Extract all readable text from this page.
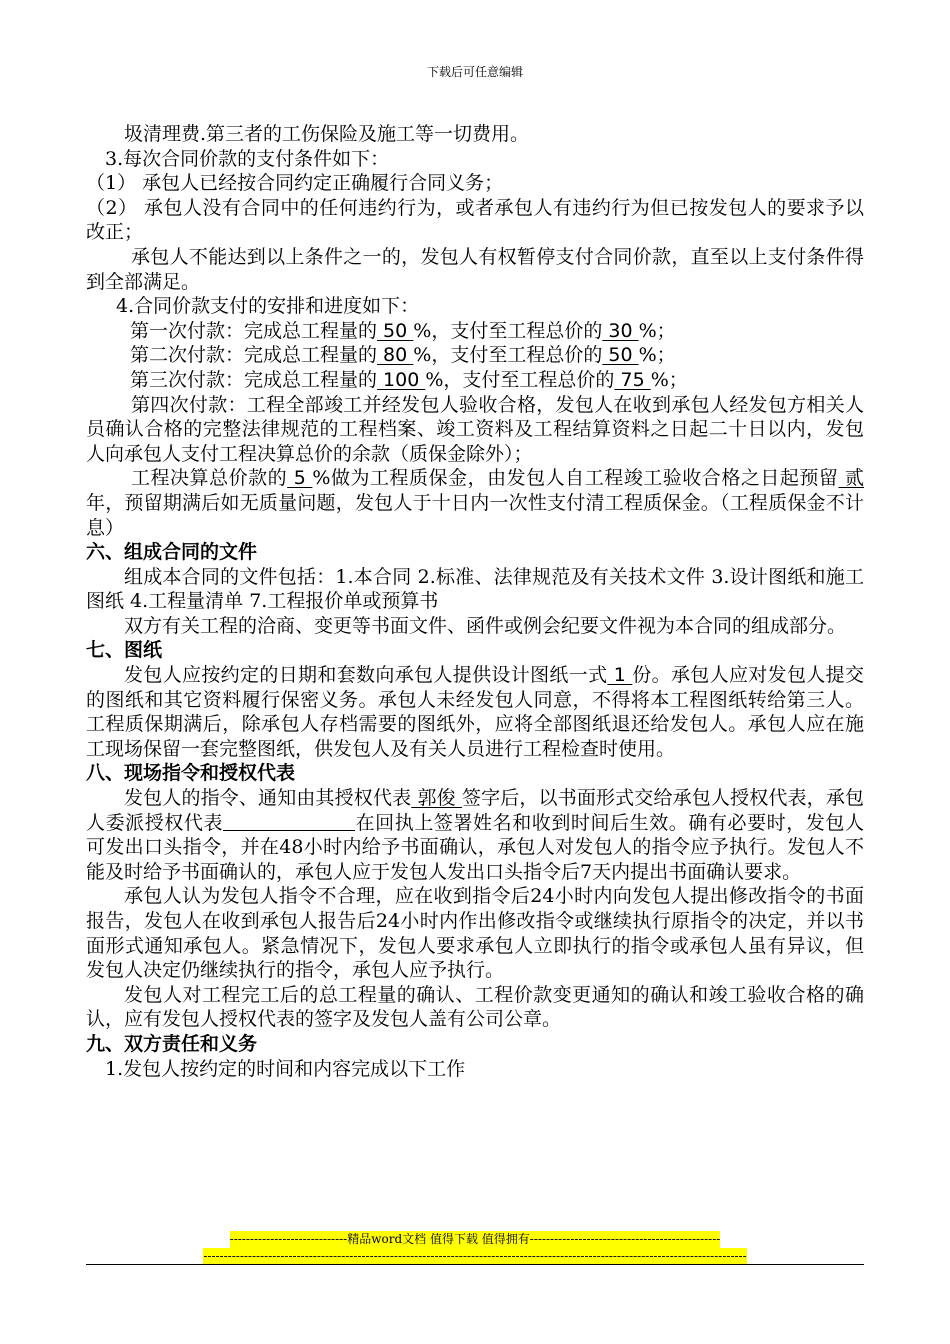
下载后可任意编辑

圾清理费.第三者的工伤保险及施工等一切费用。

3.每次合同价款的支付条件如下：

（1） 承包人已经按合同约定正确履行合同义务；

（2） 承包人没有合同中的任何违约行为，或者承包人有违约行为但已按发包人的要求予以改正；

承包人不能达到以上条件之一的，发包人有权暂停支付合同价款，直至以上支付条件得到全部满足。

4.合同价款支付的安排和进度如下：

第一次付款：完成总工程量的 50 %，支付至工程总价的 30 %；

第二次付款：完成总工程量的 80 %，支付至工程总价的 50 %；

第三次付款：完成总工程量的 100 %，支付至工程总价的 75 %；

第四次付款：工程全部竣工并经发包人验收合格，发包人在收到承包人经发包方相关人员确认合格的完整法律规范的工程档案、竣工资料及工程结算资料之日起二十日以内，发包人向承包人支付工程决算总价的余款（质保金除外）；

工程决算总价款的 5 %做为工程质保金，由发包人自工程竣工验收合格之日起预留 贰 年，预留期满后如无质量问题，发包人于十日内一次性支付清工程质保金。（工程质保金不计息）

六、组成合同的文件

组成本合同的文件包括：1.本合同 2.标准、法律规范及有关技术文件 3.设计图纸和施工图纸 4.工程量清单 7.工程报价单或预算书

双方有关工程的洽商、变更等书面文件、函件或例会纪要文件视为本合同的组成部分。

七、图纸

发包人应按约定的日期和套数向承包人提供设计图纸一式 1 份。承包人应对发包人提交的图纸和其它资料履行保密义务。承包人未经发包人同意，不得将本工程图纸转给第三人。工程质保期满后，除承包人存档需要的图纸外，应将全部图纸退还给发包人。承包人应在施工现场保留一套完整图纸，供发包人及有关人员进行工程检查时使用。

八、现场指令和授权代表

发包人的指令、通知由其授权代表 郭俊 签字后，以书面形式交给承包人授权代表，承包人委派授权代表	在回执上签署姓名和收到时间后生效。确有必要时，发包人可发出口头指令，并在48小时内给予书面确认，承包人对发包人的指令应予执行。发包人不能及时给予书面确认的，承包人应于发包人发出口头指令后7天内提出书面确认要求。

承包人认为发包人指令不合理，应在收到指令后24小时内向发包人提出修改指令的书面报告，发包人在收到承包人报告后24小时内作出修改指令或继续执行原指令的决定，并以书面形式通知承包人。紧急情况下，发包人要求承包人立即执行的指令或承包人虽有异议，但发包人决定仍继续执行的指令，承包人应予执行。

发包人对工程完工后的总工程量的确认、工程价款变更通知的确认和竣工验收合格的确认，应有发包人授权代表的签字及发包人盖有公司公章。

九、双方责任和义务

1.发包人按约定的时间和内容完成以下工作

-----------------------------精品word文档 值得下载 值得拥有-----------------------------------------------
--------------------------------------------------------------------------------------------------------------------------------------
